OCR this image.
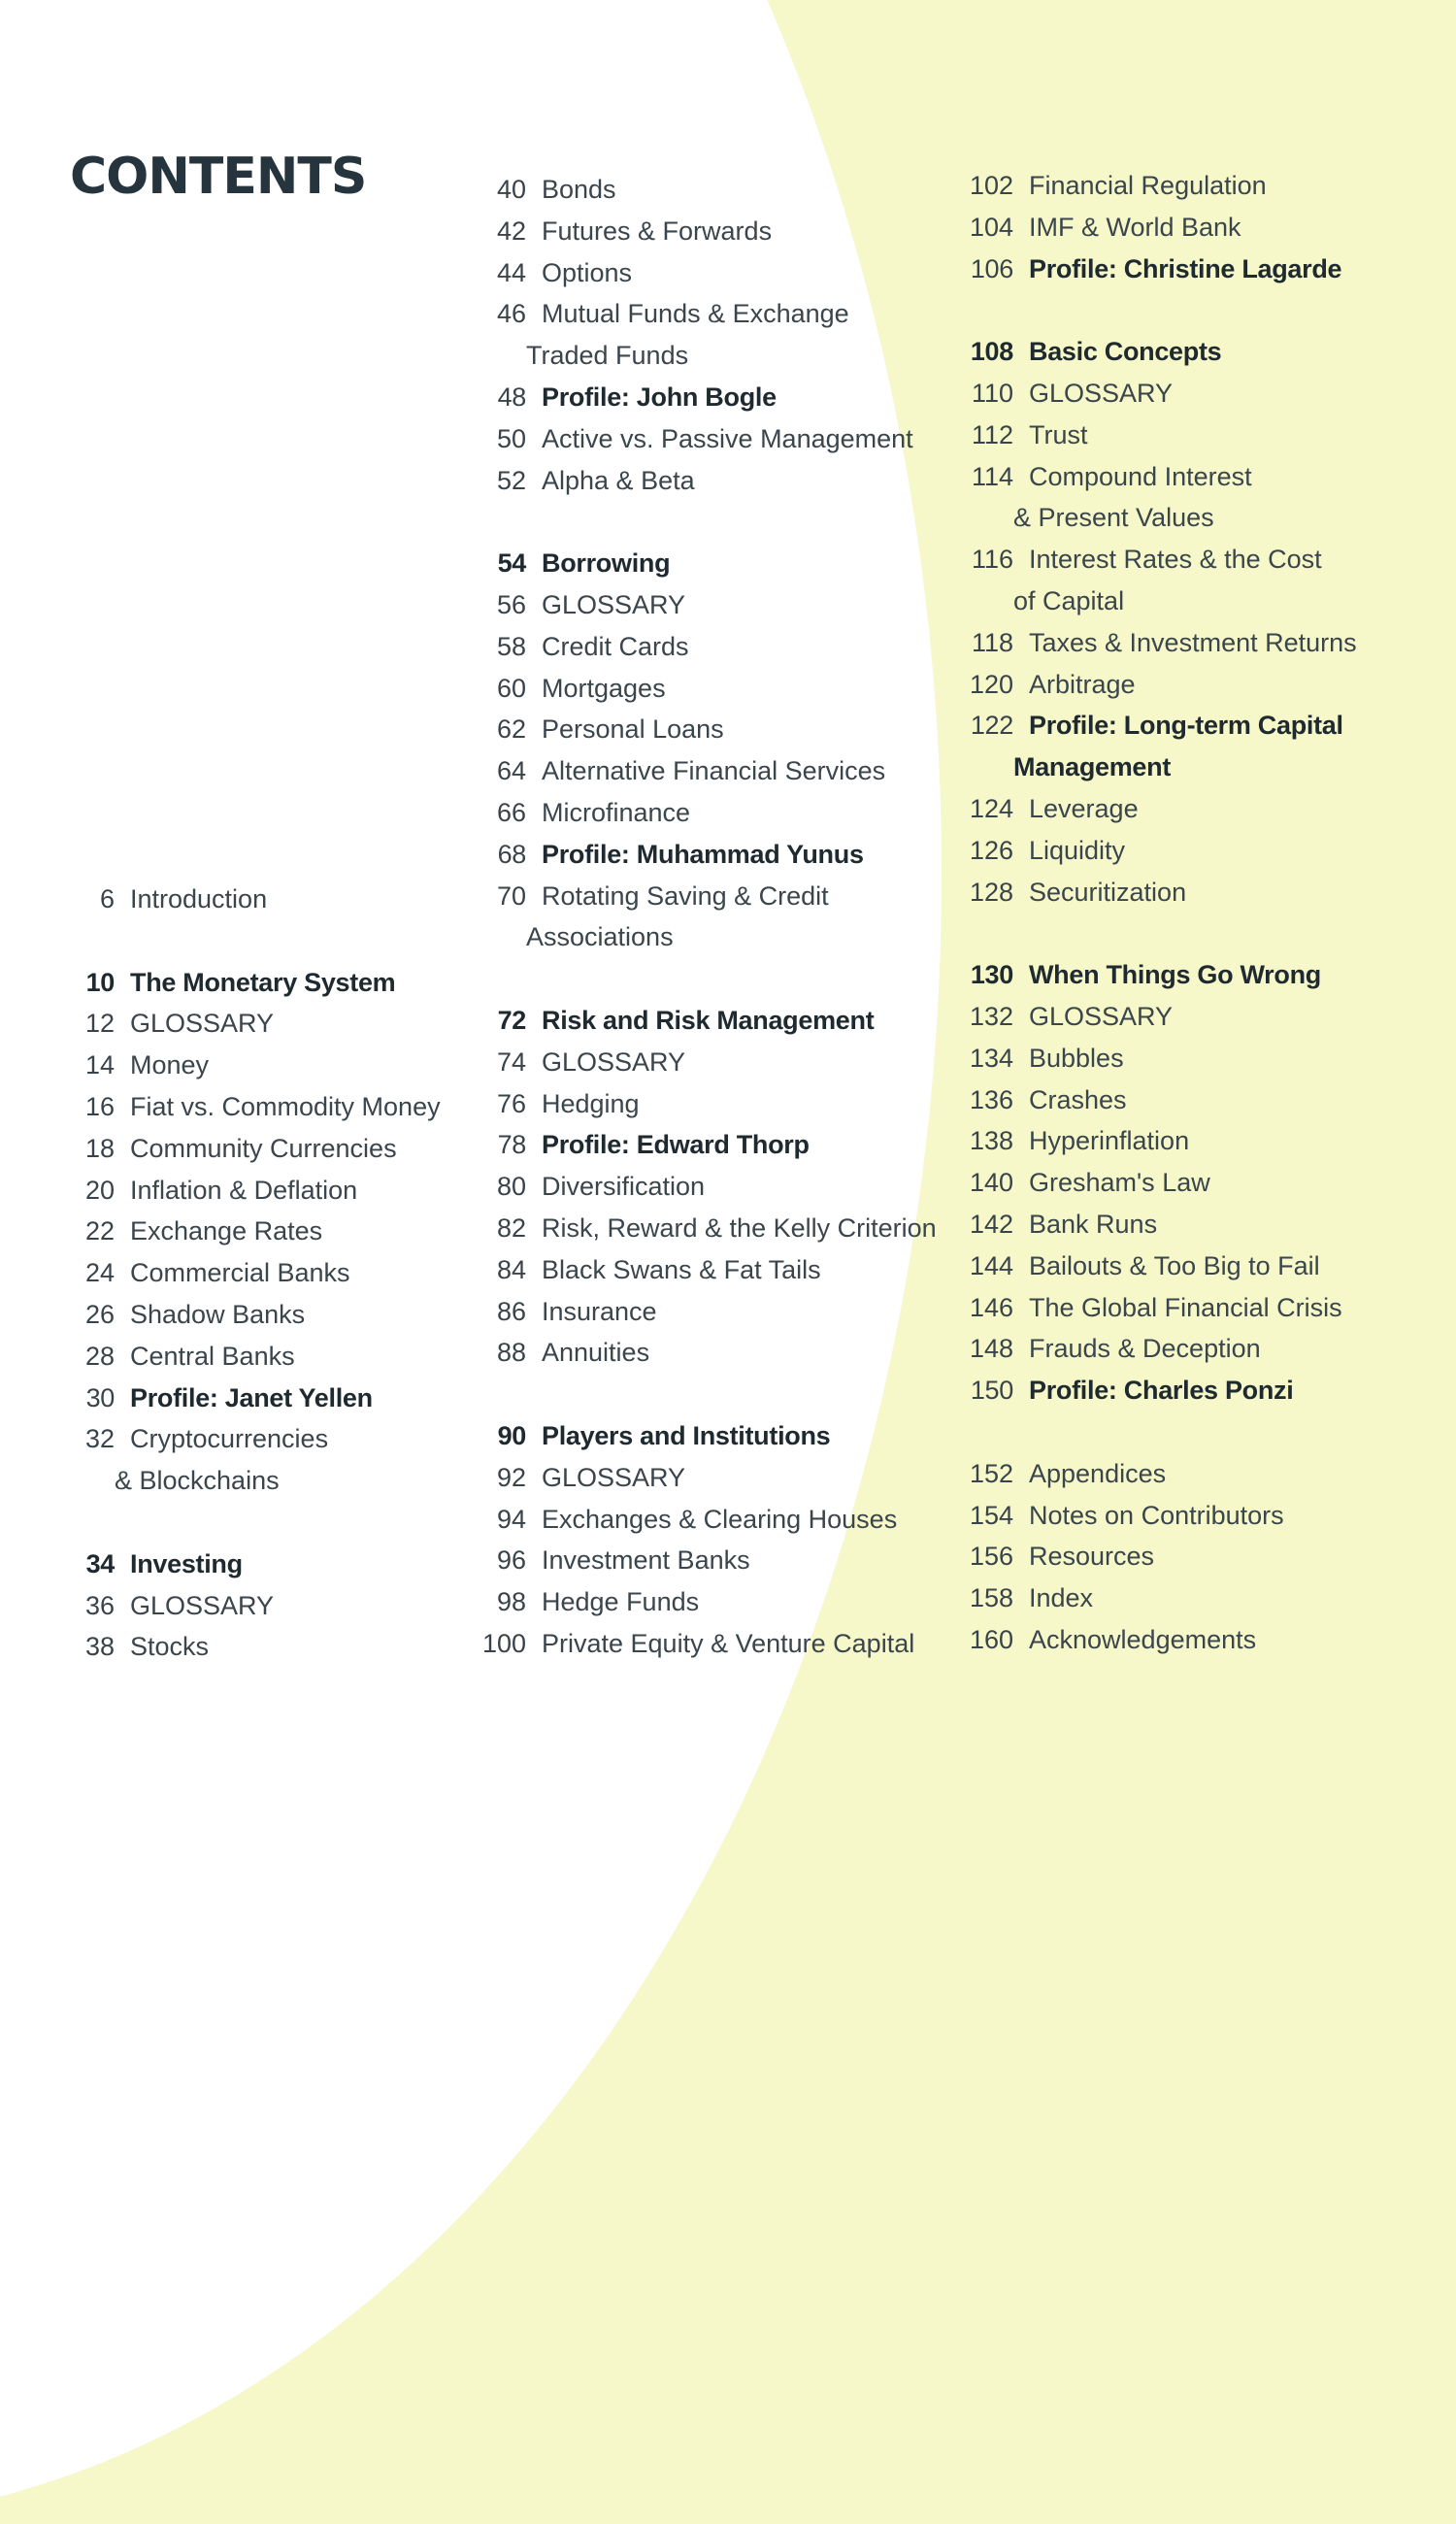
CONTENTS
6 Introduction
10 The Monetary System
12 GLOSSARY
14 Money
16 Fiat vs. Commodity Money
18 Community Currencies
20 Inflation & Deflation
22 Exchange Rates
24 Commercial Banks
26 Shadow Banks
28 Central Banks
30 Profile: Janet Yellen
32 Cryptocurrencies
& Blockchains
34 Investing
36 GLOSSARY
38 Stocks
40 Bonds
42 Futures & Forwards
44 Options
46 Mutual Funds & Exchange
Traded Funds
48 Profile: John Bogle
50 Active vs. Passive Management
52 Alpha & Beta
54 Borrowing
56 GLOSSARY
58 Credit Cards
60 Mortgages
62 Personal Loans
64 Alternative Financial Services
66 Microfinance
68 Profile: Muhammad Yunus
70 Rotating Saving & Credit
Associations
72 Risk and Risk Management
74 GLOSSARY
76 Hedging
78 Profile: Edward Thorp
80 Diversification
82 Risk, Reward & the Kelly Criterion
84 Black Swans & Fat Tails
86 Insurance
88 Annuities
90 Players and Institutions
92 GLOSSARY
94 Exchanges & Clearing Houses
96 Investment Banks
98 Hedge Funds
100 Private Equity & Venture Capital
102 Financial Regulation
104 IMF & World Bank
106 Profile: Christine Lagarde
108 Basic Concepts
110 GLOSSARY
112 Trust
114 Compound Interest
& Present Values
116 Interest Rates & the Cost
of Capital
118 Taxes & Investment Returns
120 Arbitrage
122 Profile: Long-term Capital
Management
124 Leverage
126 Liquidity
128 Securitization
130 When Things Go Wrong
132 GLOSSARY
134 Bubbles
136 Crashes
138 Hyperinflation
140 Gresham's Law
142 Bank Runs
144 Bailouts & Too Big to Fail
146 The Global Financial Crisis
148 Frauds & Deception
150 Profile: Charles Ponzi
152 Appendices
154 Notes on Contributors
156 Resources
158 Index
160 Acknowledgements
